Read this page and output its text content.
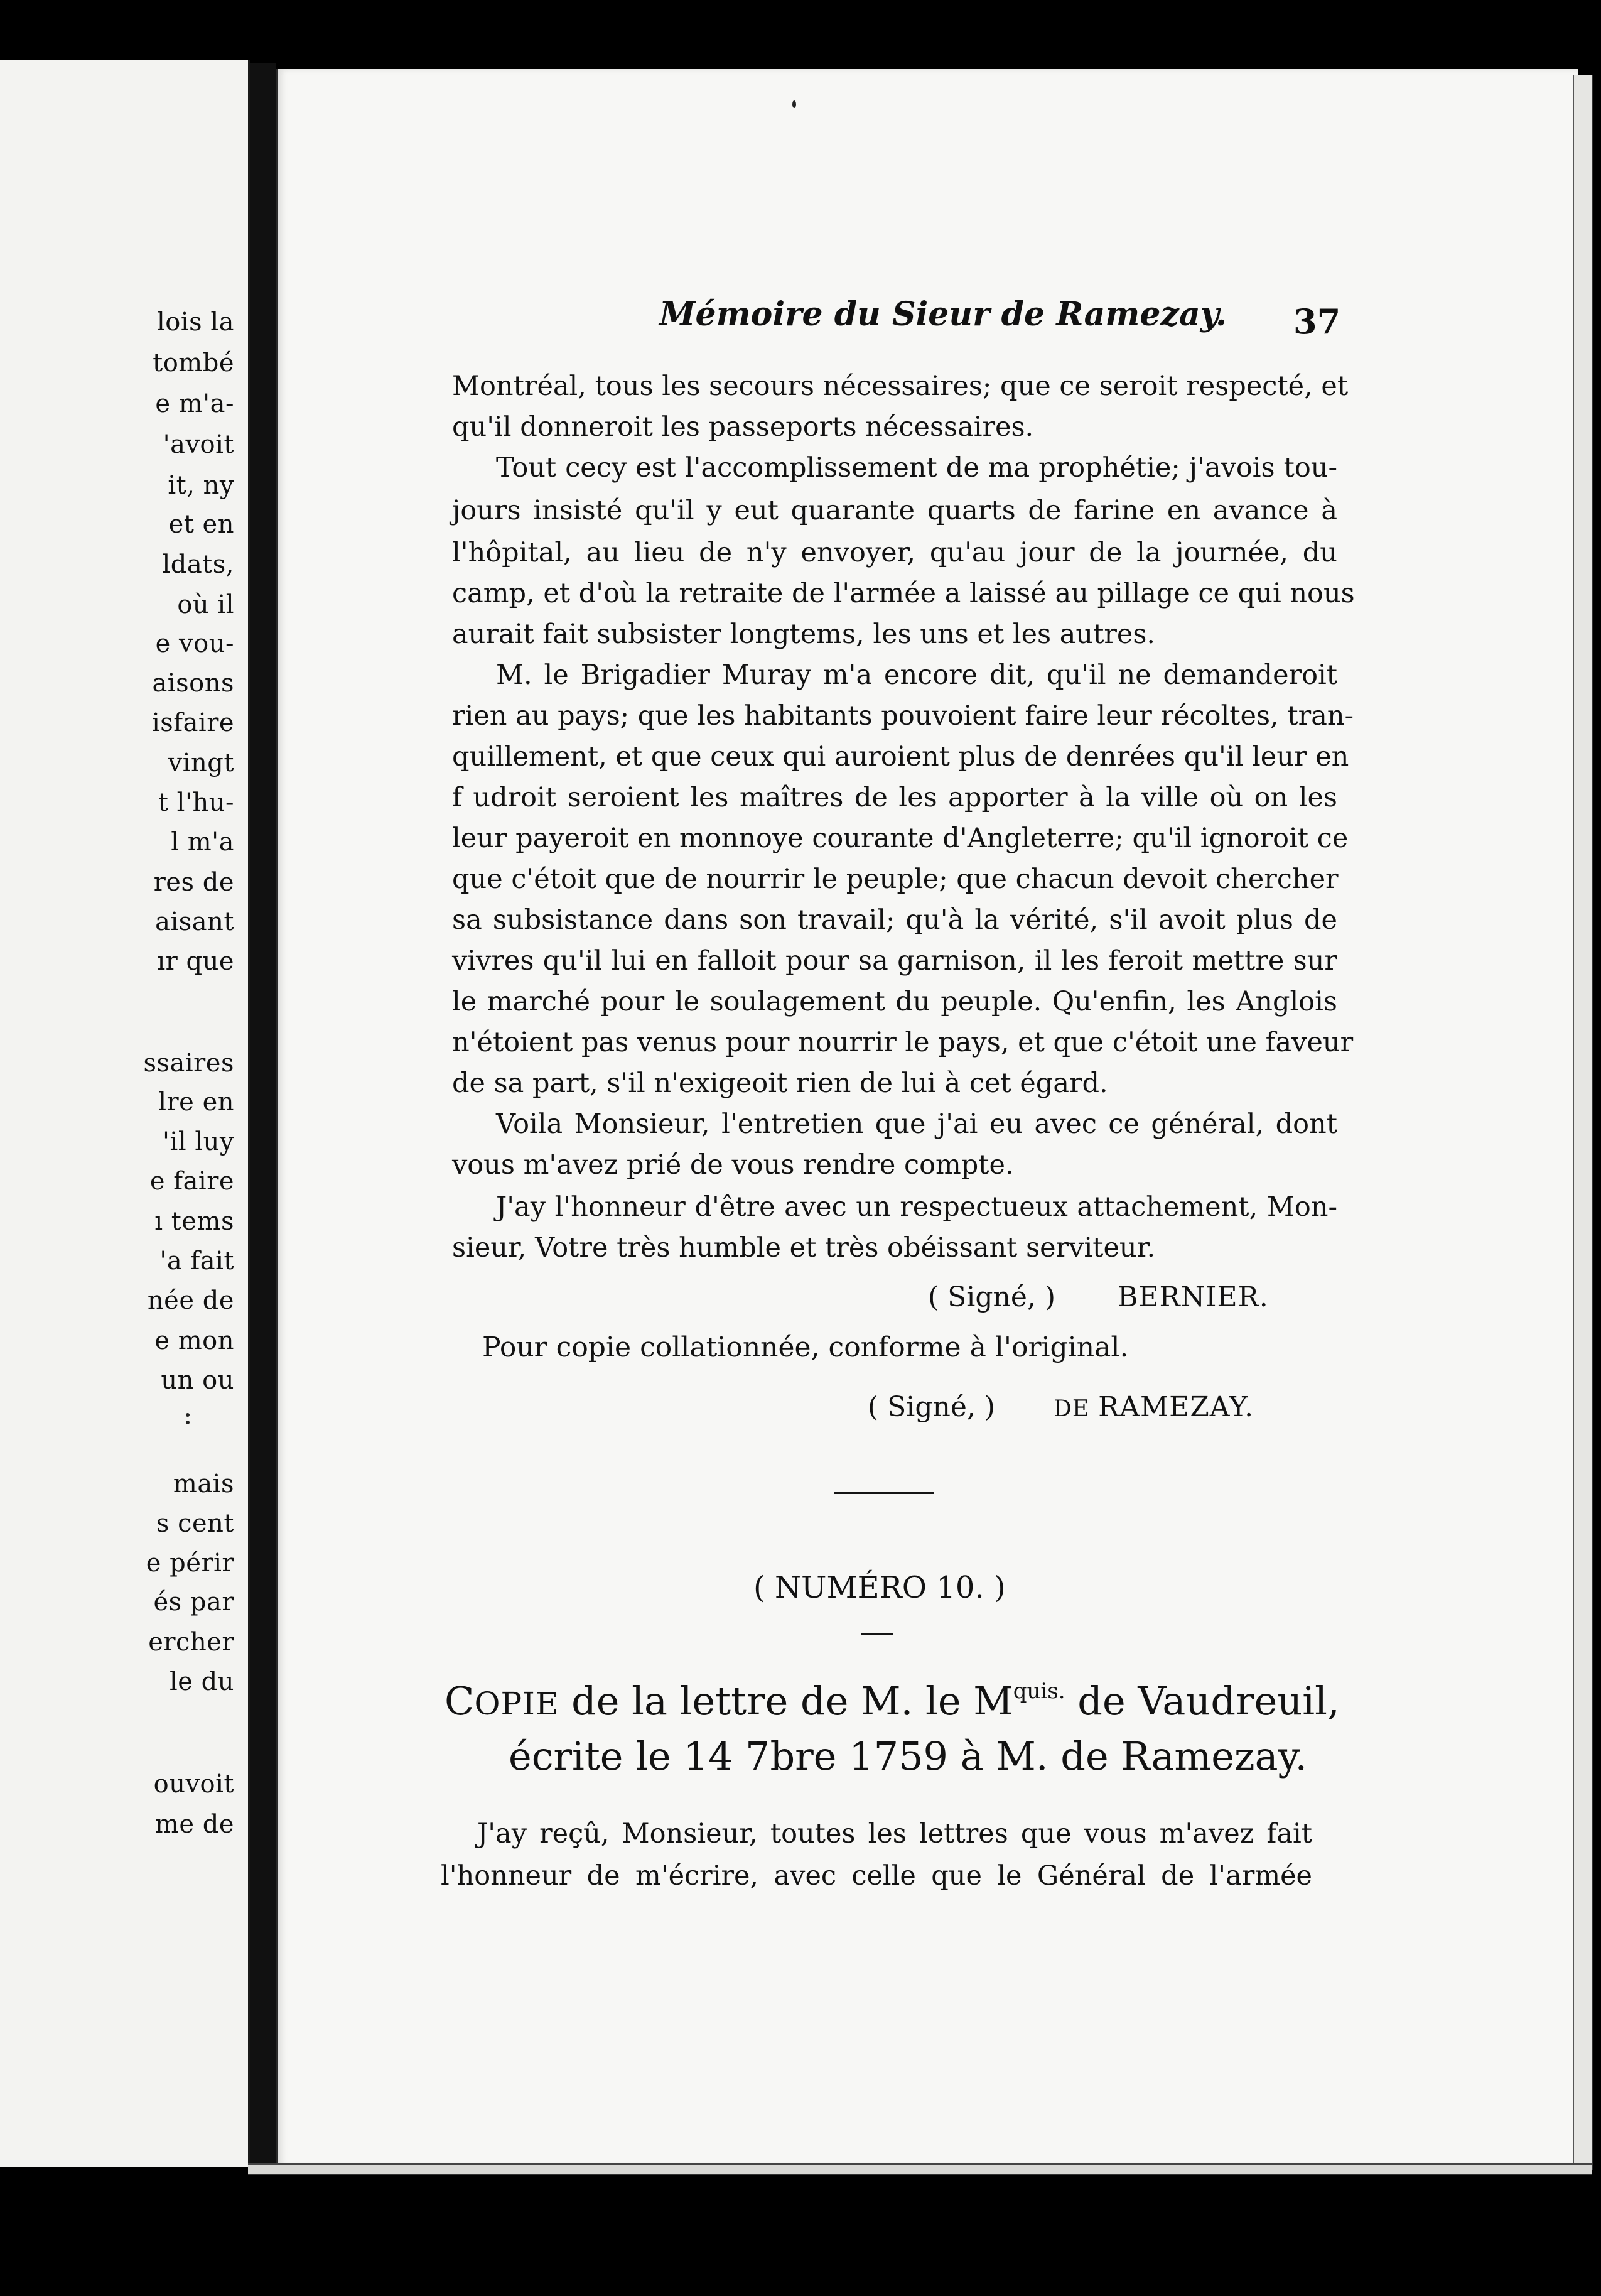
lois la
tombé
e m'a-
'avoit
it, ny
et en
ldats,
où il
e vou-
aisons
isfaire
vingt
t l'hu-
l m'a
res de
aisant
ır que
ssaires
lre en
'il luy
e faire
ı tems
'a fait
née de
e mon
un ou
mais
s cent
e périr
és par
ercher
le du
ouvoit
me de
Mémoire du Sieur de Ramezay. 37
Montréal, tous les secours nécessaires; que ce seroit respecté, et
qu'il donneroit les passeports nécessaires.
Tout cecy est l'accomplissement de ma prophétie; j'avois tou-
jours insisté qu'il y eut quarante quarts de farine en avance à
l'hôpital, au lieu de n'y envoyer, qu'au jour de la journée, du
camp, et d'où la retraite de l'armée a laissé au pillage ce qui nous
aurait fait subsister longtems, les uns et les autres.
M. le Brigadier Muray m'a encore dit, qu'il ne demanderoit
rien au pays; que les habitants pouvoient faire leur récoltes, tran-
quillement, et que ceux qui auroient plus de denrées qu'il leur en
f udroit seroient les maîtres de les apporter à la ville où on les
leur payeroit en monnoye courante d'Angleterre; qu'il ignoroit ce
que c'étoit que de nourrir le peuple; que chacun devoit chercher
sa subsistance dans son travail; qu'à la vérité, s'il avoit plus de
vivres qu'il lui en falloit pour sa garnison, il les feroit mettre sur
le marché pour le soulagement du peuple. Qu'enfin, les Anglois
n'étoient pas venus pour nourrir le pays, et que c'étoit une faveur
de sa part, s'il n'exigeoit rien de lui à cet égard.
Voila Monsieur, l'entretien que j'ai eu avec ce général, dont
vous m'avez prié de vous rendre compte.
J'ay l'honneur d'être avec un respectueux attachement, Mon-
sieur, Votre très humble et très obéissant serviteur.
( Signé, ) BERNIER.
Pour copie collationnée, conforme à l'original.
( Signé, )	DE RAMEZAY.
( NUMÉRO 10. )
COPIE de la lettre de M. le $M^{quis.}$ de Vaudreuil,
écrite le 14 7bre 1759 à M. de Ramezay.
J'ay reçû, Monsieur, toutes les lettres que vous m'avez fait
l'honneur de m'écrire, avec celle que le Général de l'armée
